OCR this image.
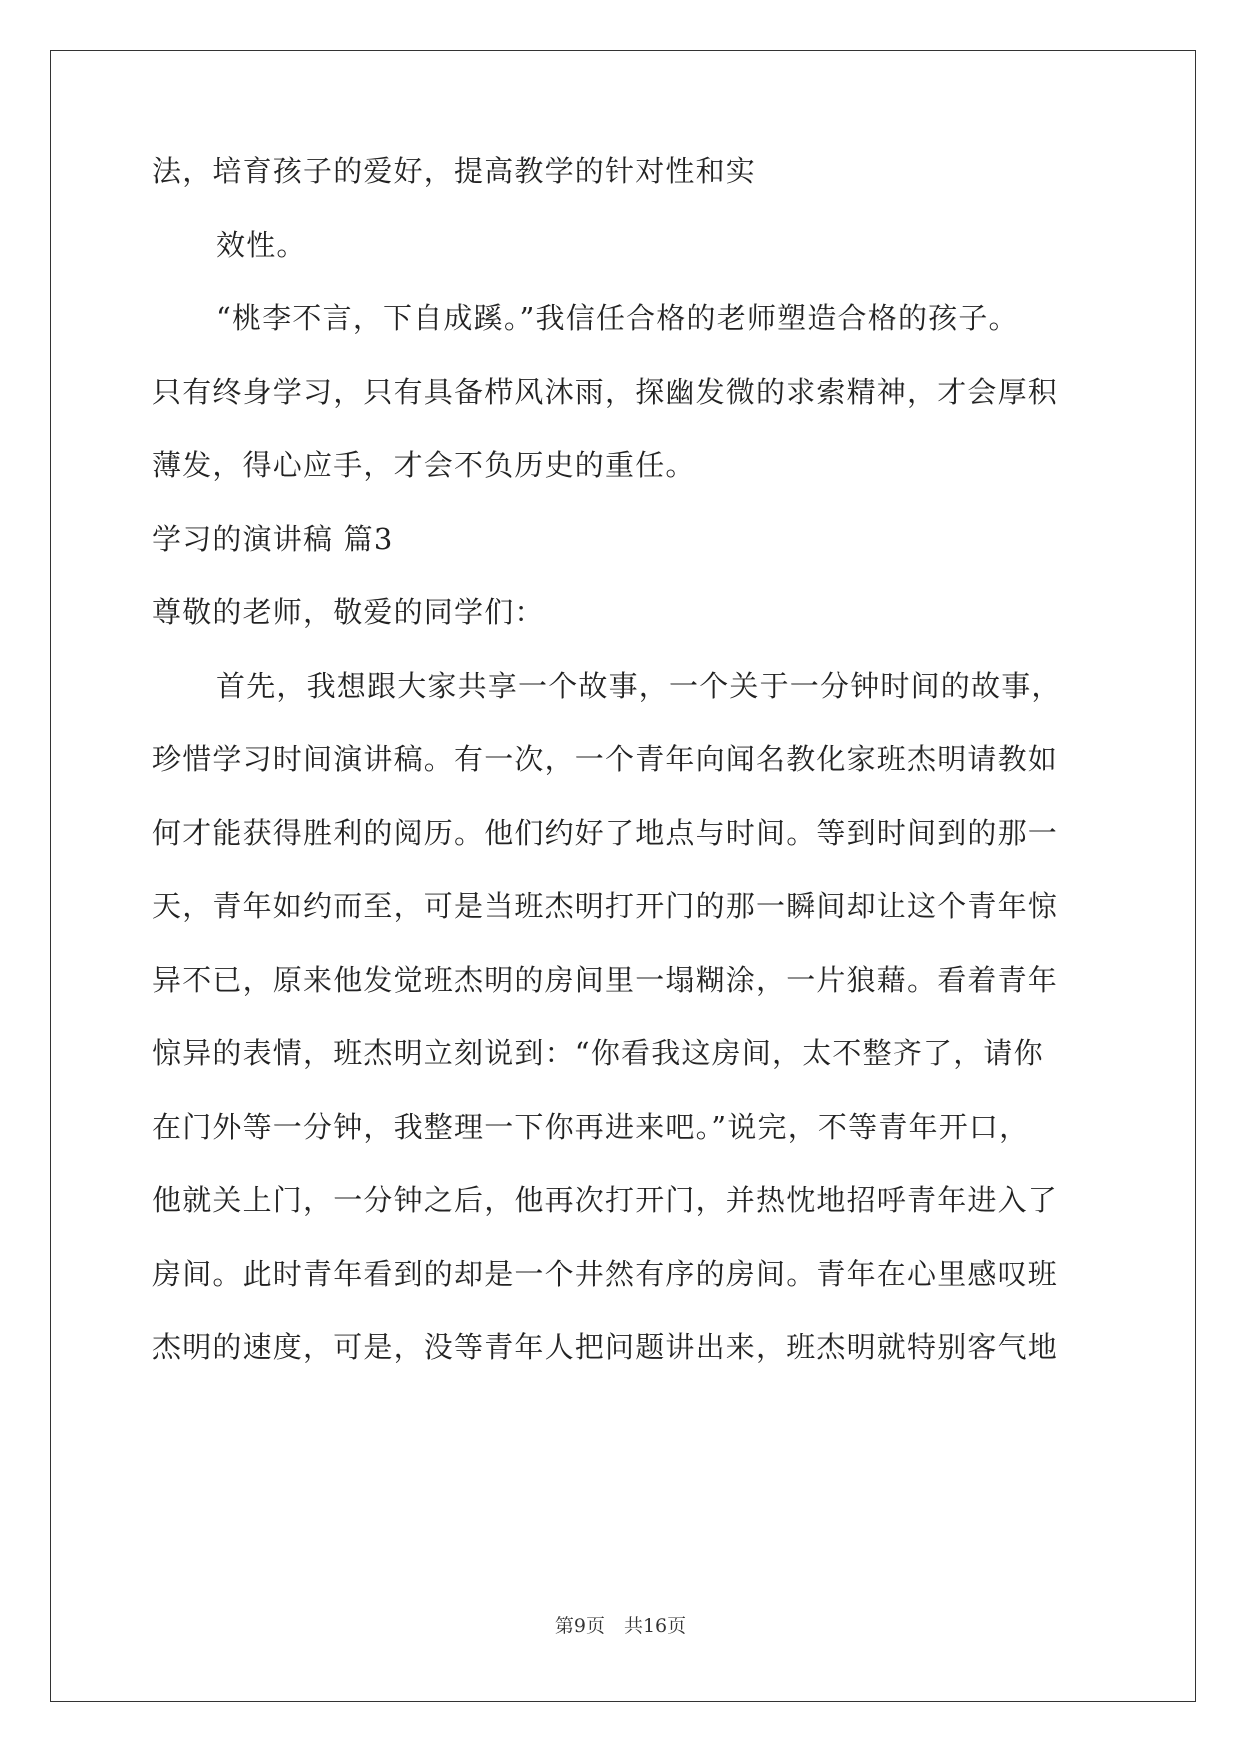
法，培育孩子的爱好，提高教学的针对性和实
效性。
“桃李不言，下自成蹊。”我信任合格的老师塑造合格的孩子。
只有终身学习，只有具备栉风沐雨，探幽发微的求索精神，才会厚积
薄发，得心应手，才会不负历史的重任。
学习的演讲稿 篇3
尊敬的老师，敬爱的同学们：
首先，我想跟大家共享一个故事，一个关于一分钟时间的故事，
珍惜学习时间演讲稿。有一次，一个青年向闻名教化家班杰明请教如
何才能获得胜利的阅历。他们约好了地点与时间。等到时间到的那一
天，青年如约而至，可是当班杰明打开门的那一瞬间却让这个青年惊
异不已，原来他发觉班杰明的房间里一塌糊涂，一片狼藉。看着青年
惊异的表情，班杰明立刻说到：“你看我这房间，太不整齐了，请你
在门外等一分钟，我整理一下你再进来吧。”说完，不等青年开口，
他就关上门，一分钟之后，他再次打开门，并热忱地招呼青年进入了
房间。此时青年看到的却是一个井然有序的房间。青年在心里感叹班
杰明的速度，可是，没等青年人把问题讲出来，班杰明就特别客气地
第9页　共16页
